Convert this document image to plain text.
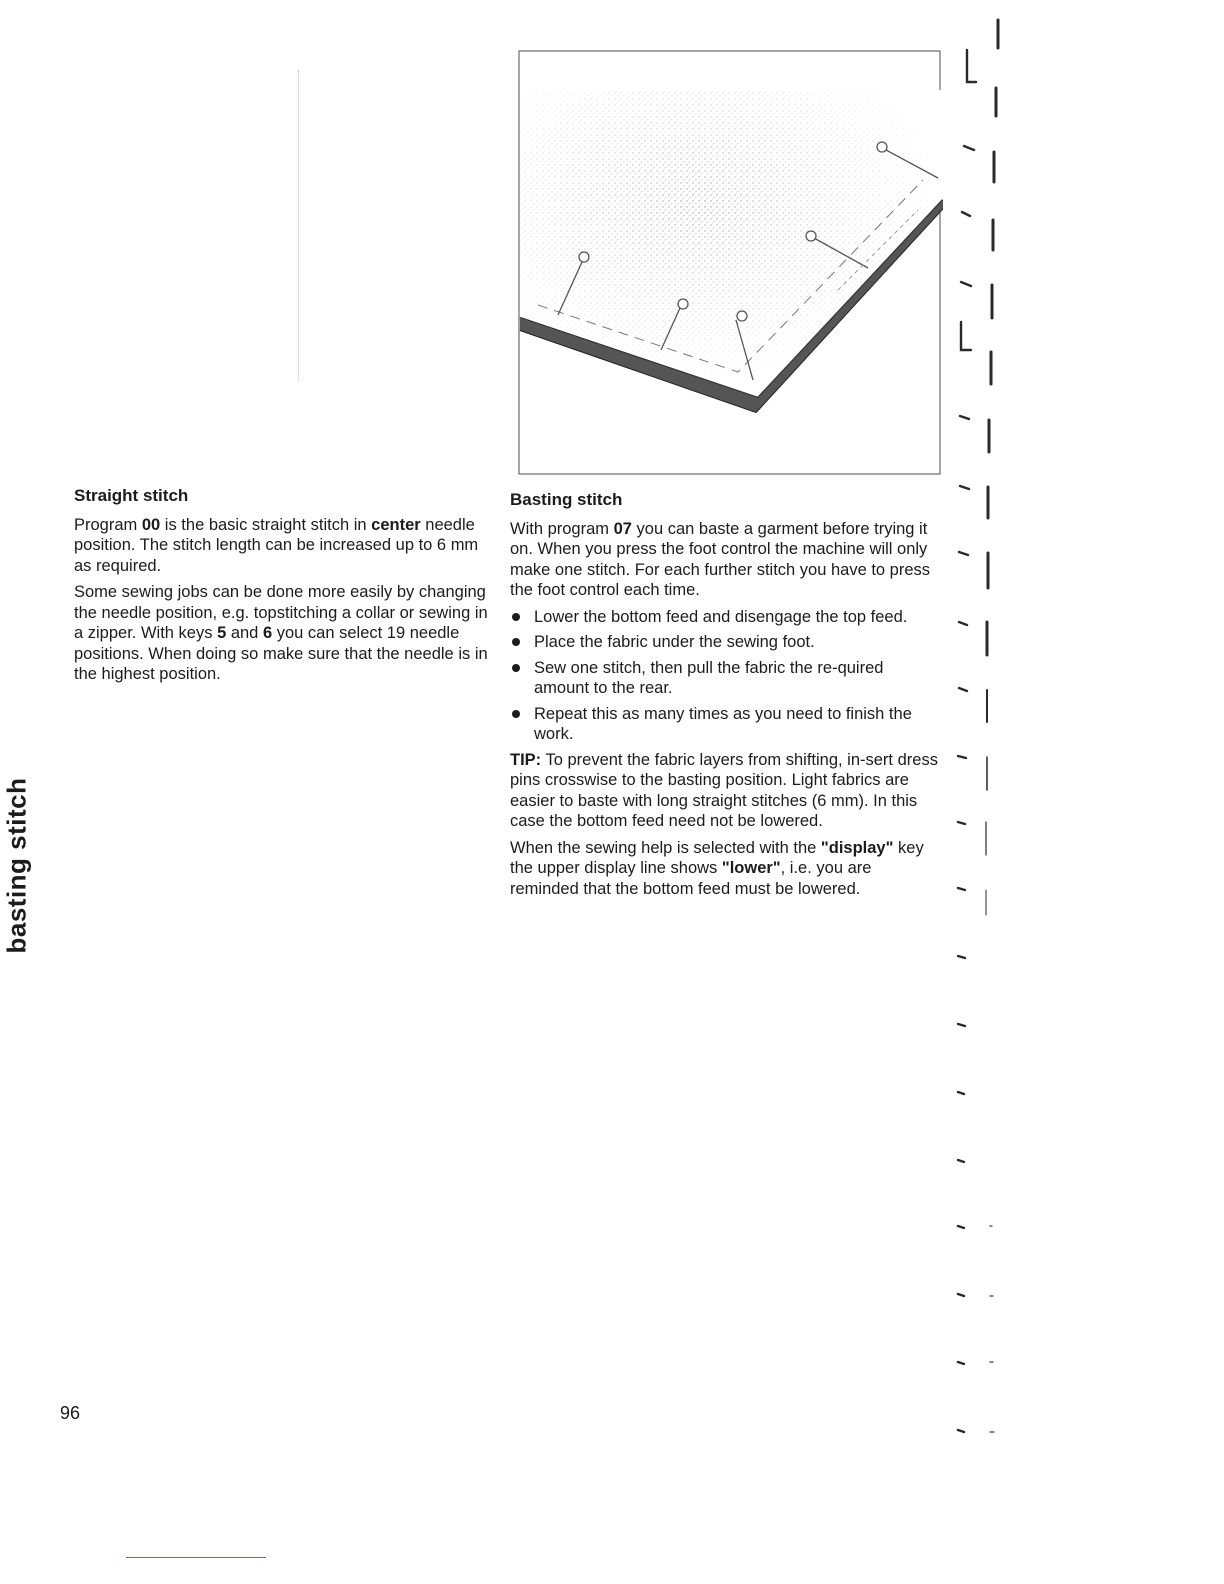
Straight stitch

Program 00 is the basic straight stitch in center needle position. The stitch length can be increased up to 6 mm as required.

Some sewing jobs can be done more easily by changing the needle position, e.g. topstitching a collar or sewing in a zipper. With keys 5 and 6 you can select 19 needle positions. When doing so make sure that the needle is in the highest position.

Basting stitch

With program 07 you can baste a garment before trying it on. When you press the foot control the machine will only make one stitch. For each further stitch you have to press the foot control each time.

Lower the bottom feed and disengage the top feed.
Place the fabric under the sewing foot.
Sew one stitch, then pull the fabric the re-quired amount to the rear.
Repeat this as many times as you need to finish the work.

TIP: To prevent the fabric layers from shifting, in-sert dress pins crosswise to the basting position. Light fabrics are easier to baste with long straight stitches (6 mm). In this case the bottom feed need not be lowered.

When the sewing help is selected with the "display" key the upper display line shows "lower", i.e. you are reminded that the bottom feed must be lowered.

basting stitch
96
